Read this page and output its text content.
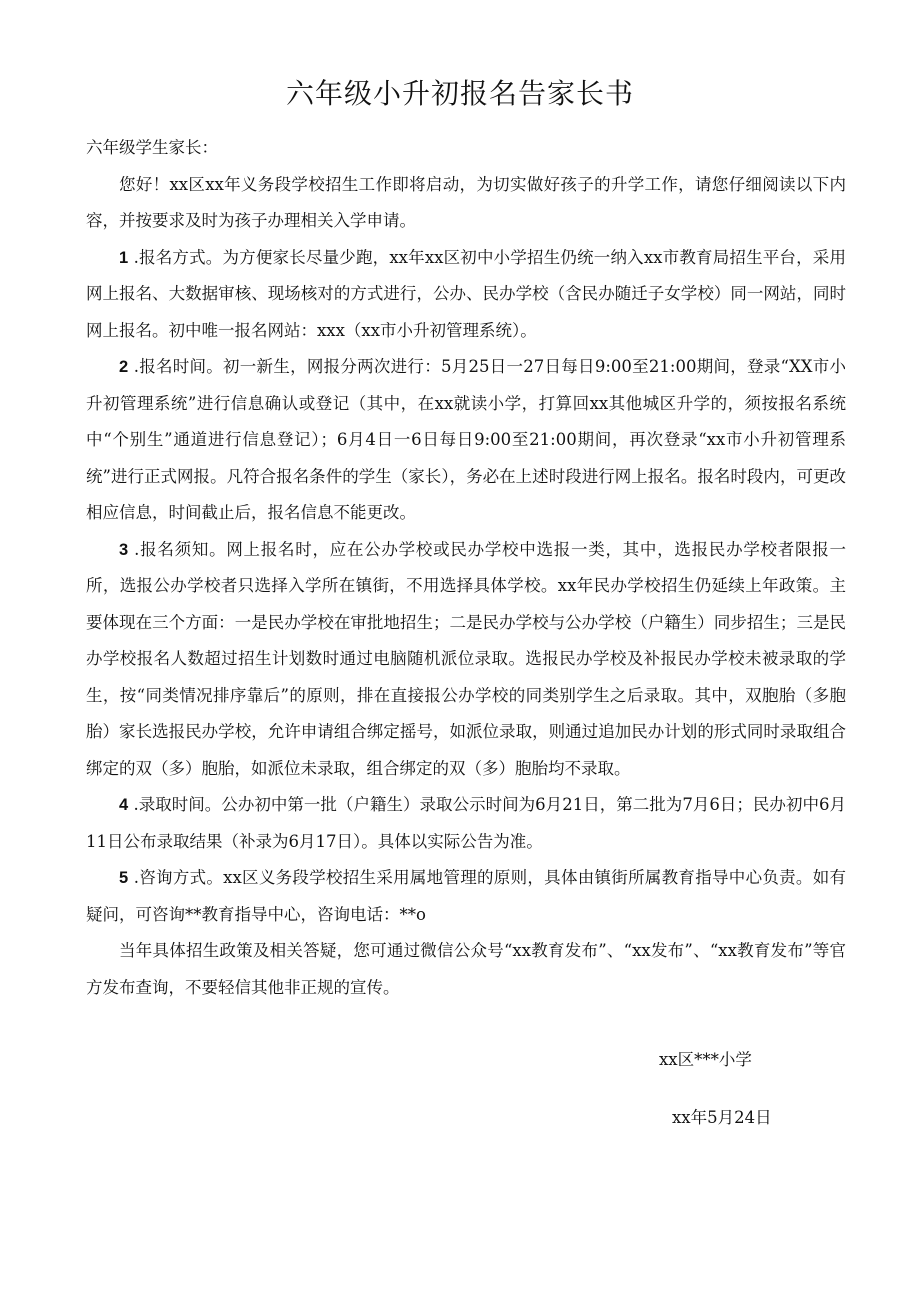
六年级小升初报名告家长书

六年级学生家长：

您好！xx区xx年义务段学校招生工作即将启动，为切实做好孩子的升学工作，请您仔细阅读以下内容，并按要求及时为孩子办理相关入学申请。

1 .报名方式。为方便家长尽量少跑，xx年xx区初中小学招生仍统一纳入xx市教育局招生平台，采用网上报名、大数据审核、现场核对的方式进行，公办、民办学校（含民办随迁子女学校）同一网站，同时网上报名。初中唯一报名网站：xxx（xx市小升初管理系统）。

2 .报名时间。初一新生，网报分两次进行：5月25日一27日每日9:00至21:00期间，登录“XX市小升初管理系统”进行信息确认或登记（其中，在xx就读小学，打算回xx其他城区升学的，须按报名系统中“个别生”通道进行信息登记）；6月4日一6日每日9:00至21:00期间，再次登录“xx市小升初管理系统”进行正式网报。凡符合报名条件的学生（家长），务必在上述时段进行网上报名。报名时段内，可更改相应信息，时间截止后，报名信息不能更改。

3 .报名须知。网上报名时，应在公办学校或民办学校中选报一类，其中，选报民办学校者限报一所，选报公办学校者只选择入学所在镇街，不用选择具体学校。xx年民办学校招生仍延续上年政策。主要体现在三个方面：一是民办学校在审批地招生；二是民办学校与公办学校（户籍生）同步招生；三是民办学校报名人数超过招生计划数时通过电脑随机派位录取。选报民办学校及补报民办学校未被录取的学生，按“同类情况排序靠后”的原则，排在直接报公办学校的同类别学生之后录取。其中，双胞胎（多胞胎）家长选报民办学校，允许申请组合绑定摇号，如派位录取，则通过追加民办计划的形式同时录取组合绑定的双（多）胞胎，如派位未录取，组合绑定的双（多）胞胎均不录取。

4 .录取时间。公办初中第一批（户籍生）录取公示时间为6月21日，第二批为7月6日；民办初中6月11日公布录取结果（补录为6月17日）。具体以实际公告为准。

5 .咨询方式。xx区义务段学校招生采用属地管理的原则，具体由镇街所属教育指导中心负责。如有疑问，可咨询**教育指导中心，咨询电话：**o

当年具体招生政策及相关答疑，您可通过微信公众号“xx教育发布”、“xx发布”、“xx教育发布”等官方发布查询，不要轻信其他非正规的宣传。

xx区***小学
xx年5月24日
